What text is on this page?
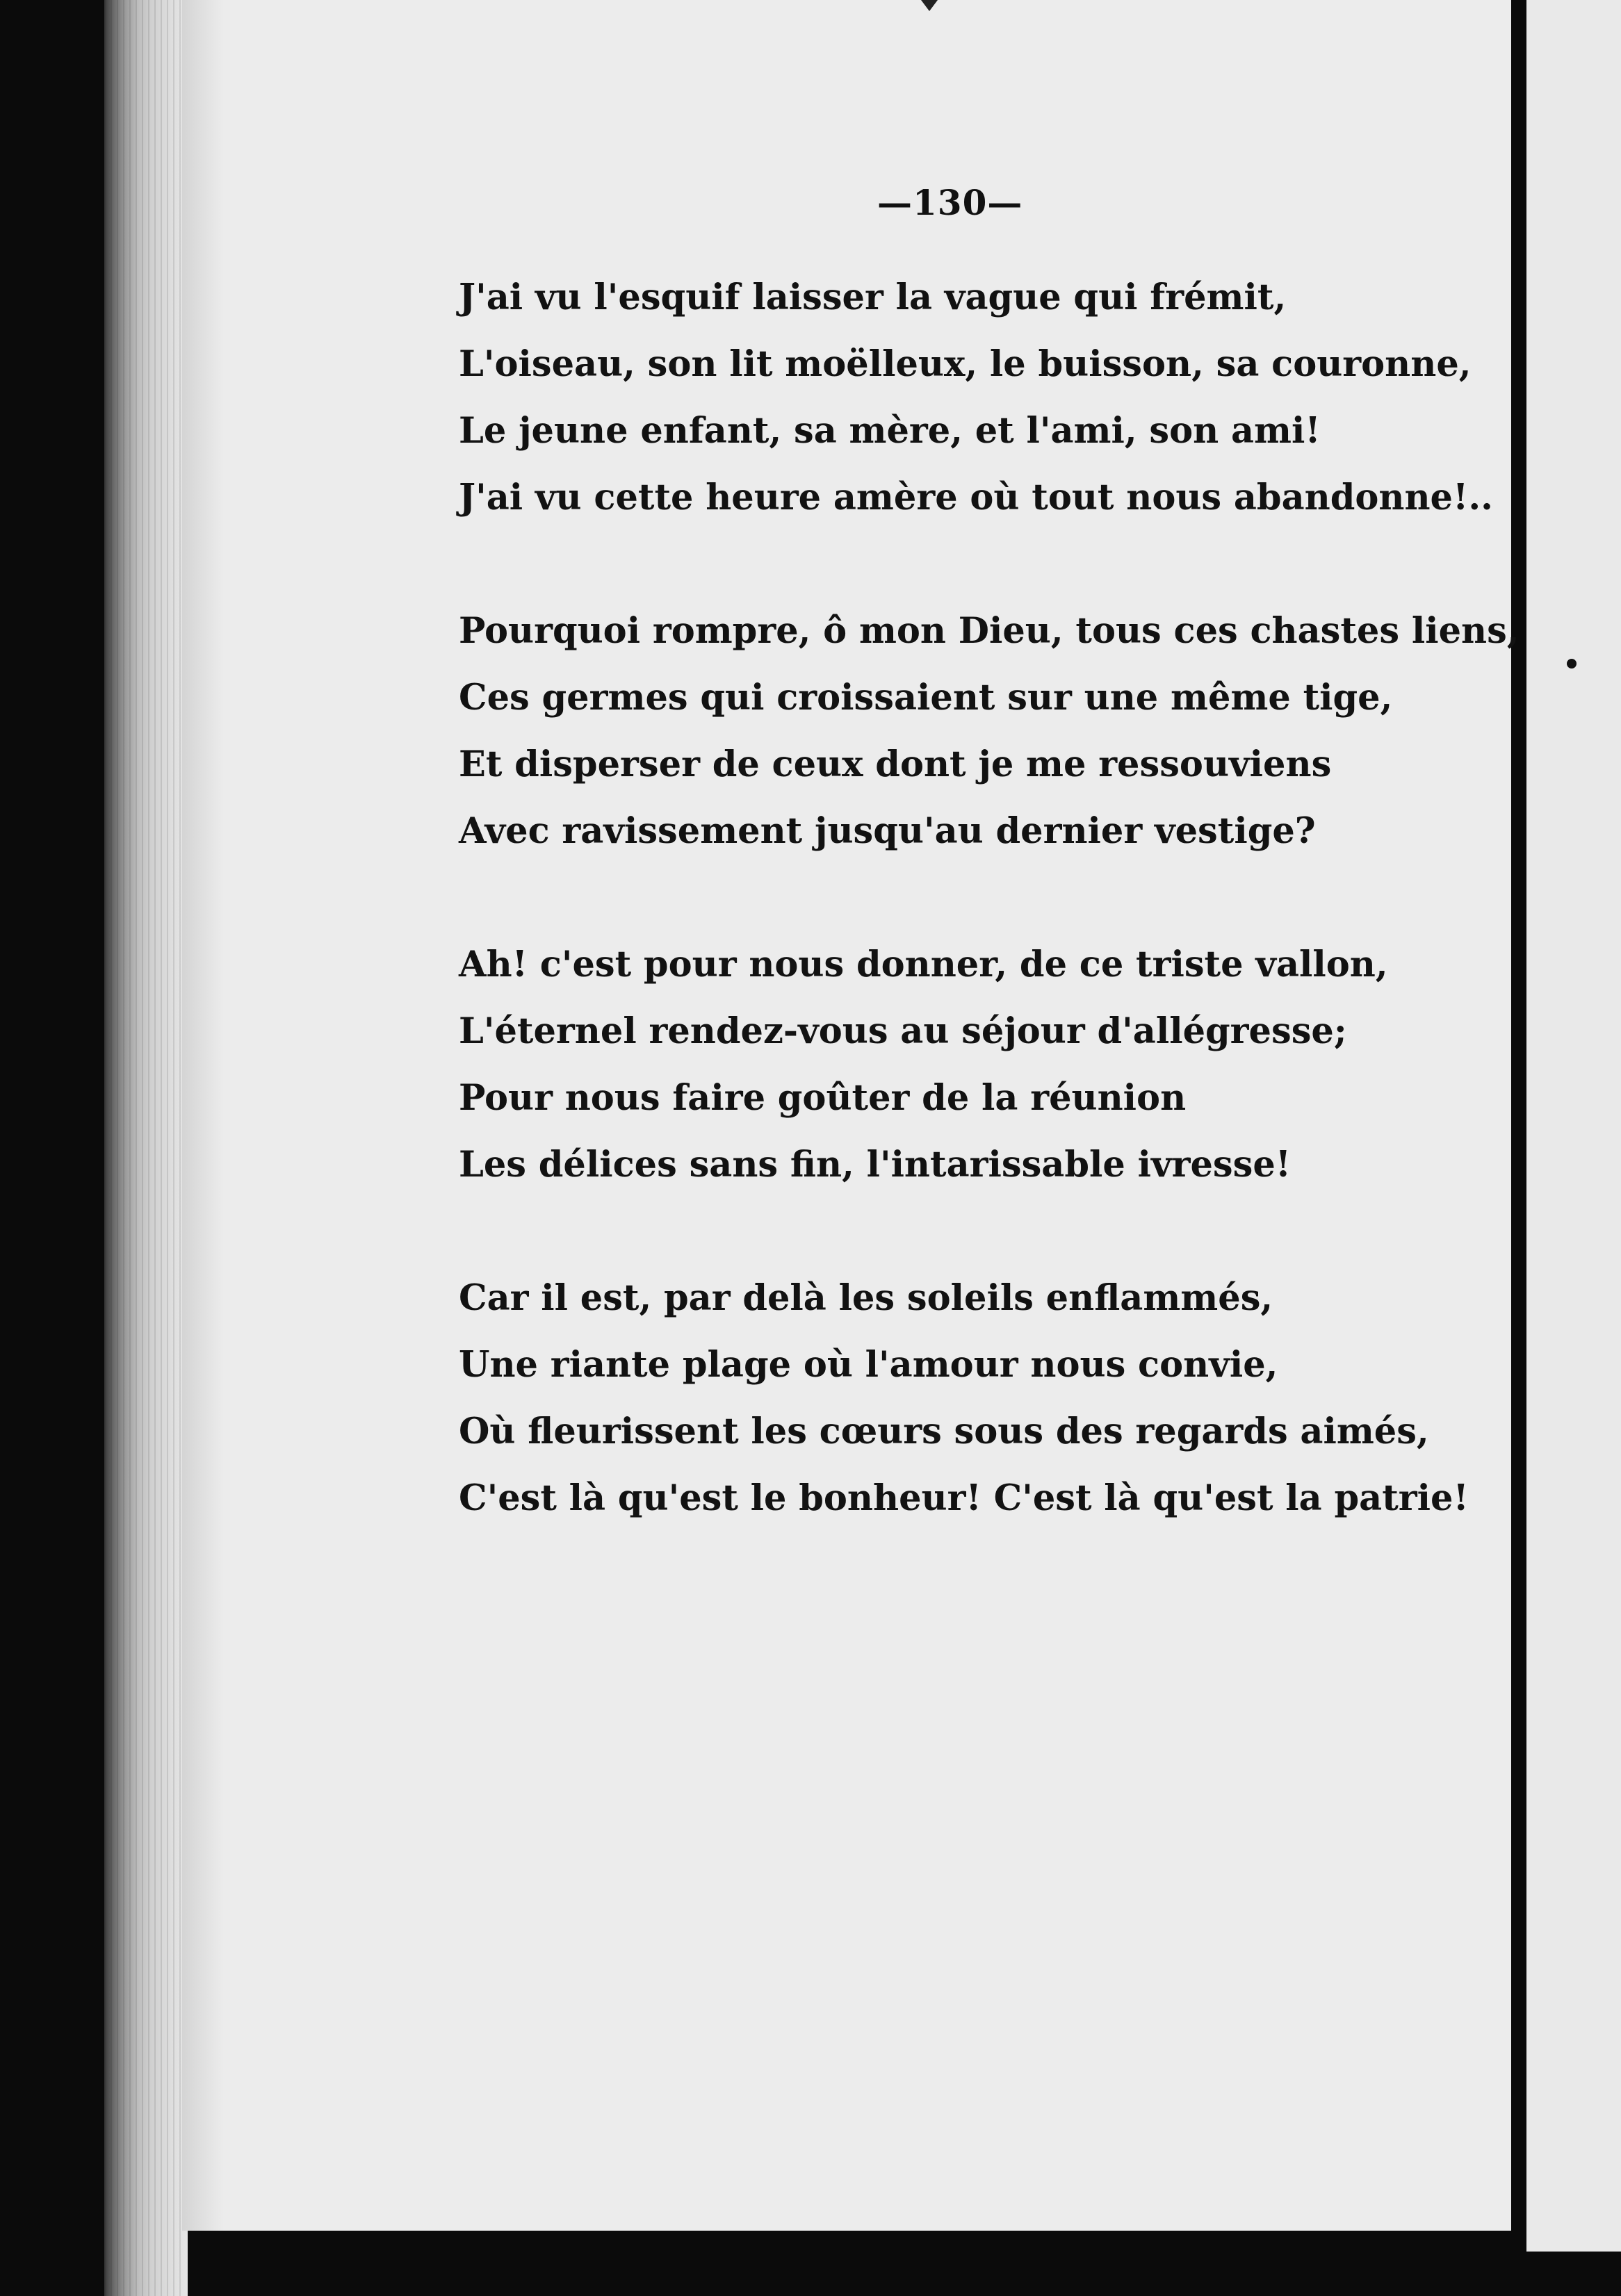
—130—
J'ai vu l'esquif laisser la vague qui frémit,
L'oiseau, son lit moëlleux, le buisson, sa couronne,
Le jeune enfant, sa mère, et l'ami, son ami!
J'ai vu cette heure amère où tout nous abandonne!..
Pourquoi rompre, ô mon Dieu, tous ces chastes liens,
Ces germes qui croissaient sur une même tige,
Et disperser de ceux dont je me ressouviens
Avec ravissement jusqu'au dernier vestige?
Ah! c'est pour nous donner, de ce triste vallon,
L'éternel rendez-vous au séjour d'allégresse;
Pour nous faire goûter de la réunion
Les délices sans fin, l'intarissable ivresse!
Car il est, par delà les soleils enflammés,
Une riante plage où l'amour nous convie,
Où fleurissent les cœurs sous des regards aimés,
C'est là qu'est le bonheur! C'est là qu'est la patrie!
